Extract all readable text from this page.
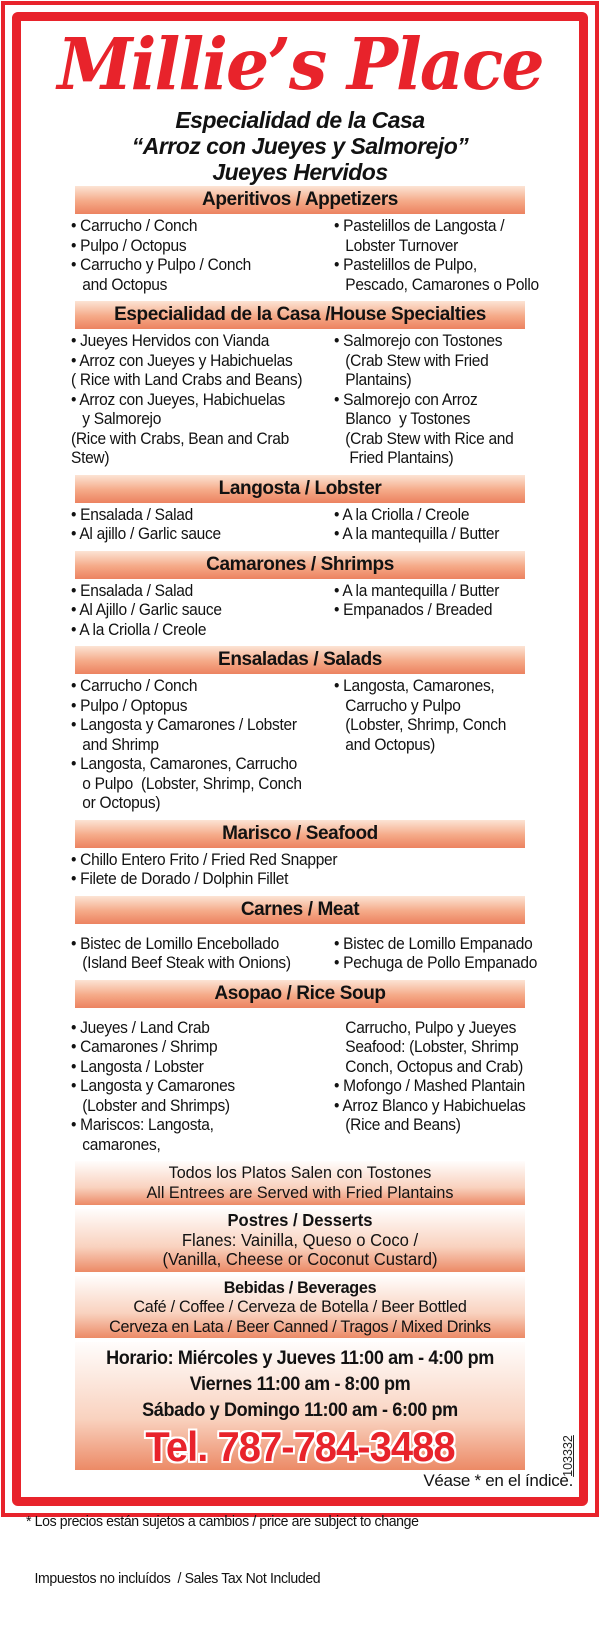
Millie’s Place
Especialidad de la Casa
“Arroz con Jueyes y Salmorejo”
Jueyes Hervidos
Aperitivos / Appetizers
• Carrucho / Conch
• Pulpo / Octopus
• Carrucho y Pulpo / Conch
and Octopus
• Pastelillos de Langosta /
Lobster Turnover
• Pastelillos de Pulpo,
Pescado, Camarones o Pollo
Especialidad de la Casa /House Specialties
• Jueyes Hervidos con Vianda
• Arroz con Jueyes y Habichuelas
( Rice with Land Crabs and Beans)
• Arroz con Jueyes, Habichuelas
y Salmorejo
(Rice with Crabs, Bean and Crab Stew)
• Salmorejo con Tostones
(Crab Stew with Fried Plantains)
• Salmorejo con Arroz
Blanco  y Tostones
(Crab Stew with Rice and
Fried Plantains)
Langosta / Lobster
• Ensalada / Salad
• Al ajillo / Garlic sauce
• A la Criolla / Creole
• A la mantequilla / Butter
Camarones / Shrimps
• Ensalada / Salad
• Al Ajillo / Garlic sauce
• A la Criolla / Creole
• A la mantequilla / Butter
• Empanados / Breaded
Ensaladas / Salads
• Carrucho / Conch
• Pulpo / Optopus
• Langosta y Camarones / Lobster
and Shrimp
• Langosta, Camarones, Carrucho
o Pulpo  (Lobster, Shrimp, Conch
or Octopus)
• Langosta, Camarones,
Carrucho y Pulpo
(Lobster, Shrimp, Conch
and Octopus)
Marisco / Seafood
• Chillo Entero Frito / Fried Red Snapper
• Filete de Dorado / Dolphin Fillet
Carnes / Meat
• Bistec de Lomillo Encebollado
(Island Beef Steak with Onions)
• Bistec de Lomillo Empanado
• Pechuga de Pollo Empanado
Asopao / Rice Soup
• Jueyes / Land Crab
• Camarones / Shrimp
• Langosta / Lobster
• Langosta y Camarones
(Lobster and Shrimps)
• Mariscos: Langosta,
camarones,
Carrucho, Pulpo y Jueyes
Seafood: (Lobster, Shrimp
Conch, Octopus and Crab)
• Mofongo / Mashed Plantain
• Arroz Blanco y Habichuelas
(Rice and Beans)
Todos los Platos Salen con Tostones
All Entrees are Served with Fried Plantains
Postres / Desserts
Flanes: Vainilla, Queso o Coco /
(Vanilla, Cheese or Coconut Custard)
Bebidas / Beverages
Café / Coffee / Cerveza de Botella / Beer Bottled
Cerveza en Lata / Beer Canned / Tragos / Mixed Drinks
Horario: Miércoles y Jueves 11:00 am - 4:00 pm
Viernes 11:00 am - 8:00 pm
Sábado y Domingo 11:00 am - 6:00 pm
Tel. 787-784-3488

* Los precios están sujetos a cambios / price are subject to change

Impuestos no incluídos  / Sales Tax Not Included

Véase * en el índice.
103332
